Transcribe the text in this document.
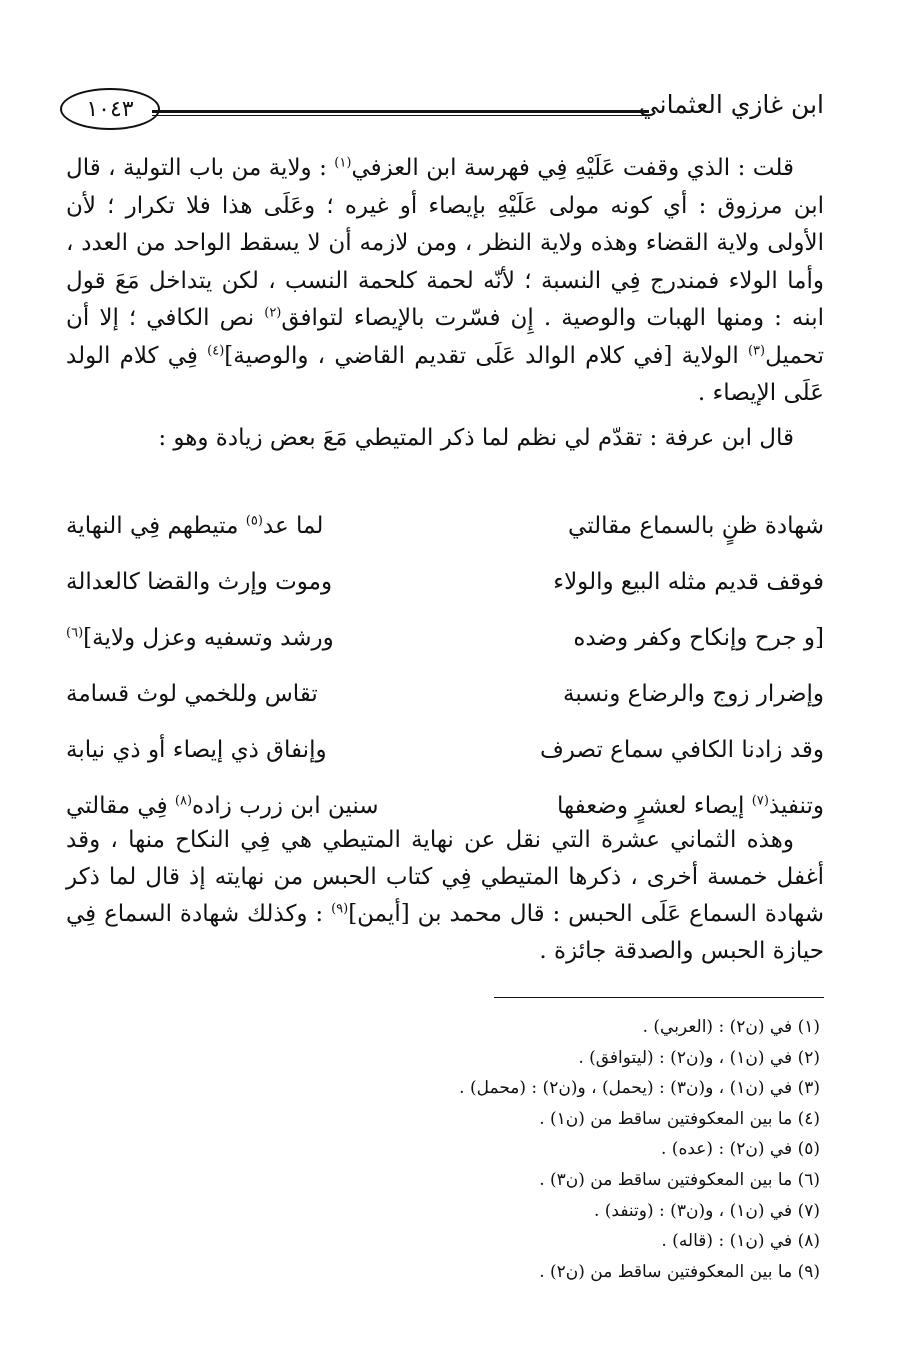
ابن غازي العثماني
١٠٤٣

قلت : الذي وقفت عَلَيْهِ فِي فهرسة ابن العزفي$^{(١)}$ : ولاية من باب التولية ، قال ابن مرزوق : أي كونه مولى عَلَيْهِ بإيصاء أو غيره ؛ وعَلَى هذا فلا تكرار ؛ لأن الأولى ولاية القضاء وهذه ولاية النظر ، ومن لازمه أن لا يسقط الواحد من العدد ، وأما الولاء فمندرج فِي النسبة ؛ لأنّه لحمة كلحمة النسب ، لكن يتداخل مَعَ قول ابنه : ومنها الهبات والوصية . إِن فسّرت بالإيصاء لتوافق$^{(٢)}$ نص الكافي ؛ إلا أن تحميل$^{(٣)}$ الولاية [في كلام الوالد عَلَى تقديم القاضي ، والوصية]$^{(٤)}$ فِي كلام الولد عَلَى الإيصاء .

قال ابن عرفة : تقدّم لي نظم لما ذكر المتيطي مَعَ بعض زيادة وهو :

شهادة ظنٍ بالسماع مقالتي
لما عد$^{(٥)}$ متيطهم فِي النهاية
فوقف قديم مثله البيع والولاء
وموت وإرث والقضا كالعدالة
[و جرح وإنكاح وكفر وضده
ورشد وتسفيه وعزل ولاية]$^{(٦)}$
وإضرار زوج والرضاع ونسبة
تقاس وللخمي لوث قسامة
وقد زادنا الكافي سماع تصرف
وإنفاق ذي إيصاء أو ذي نيابة
وتنفيذ$^{(٧)}$ إيصاء لعشرٍ وضعفها
سنين ابن زرب زاده$^{(٨)}$ فِي مقالتي

وهذه الثماني عشرة التي نقل عن نهاية المتيطي هي فِي النكاح منها ، وقد أغفل خمسة أخرى ، ذكرها المتيطي فِي كتاب الحبس من نهايته إذ قال لما ذكر شهادة السماع عَلَى الحبس : قال محمد بن [أيمن]$^{(٩)}$ : وكذلك شهادة السماع فِي حيازة الحبس والصدقة جائزة .

(١) في (ن٢) : (العربي) .
(٢) في (ن١) ، و(ن٢) : (ليتوافق) .
(٣) في (ن١) ، و(ن٣) : (يحمل) ، و(ن٢) : (محمل) .
(٤) ما بين المعكوفتين ساقط من (ن١) .
(٥) في (ن٢) : (عده) .
(٦) ما بين المعكوفتين ساقط من (ن٣) .
(٧) في (ن١) ، و(ن٣) : (وتنفد) .
(٨) في (ن١) : (قاله) .
(٩) ما بين المعكوفتين ساقط من (ن٢) .
